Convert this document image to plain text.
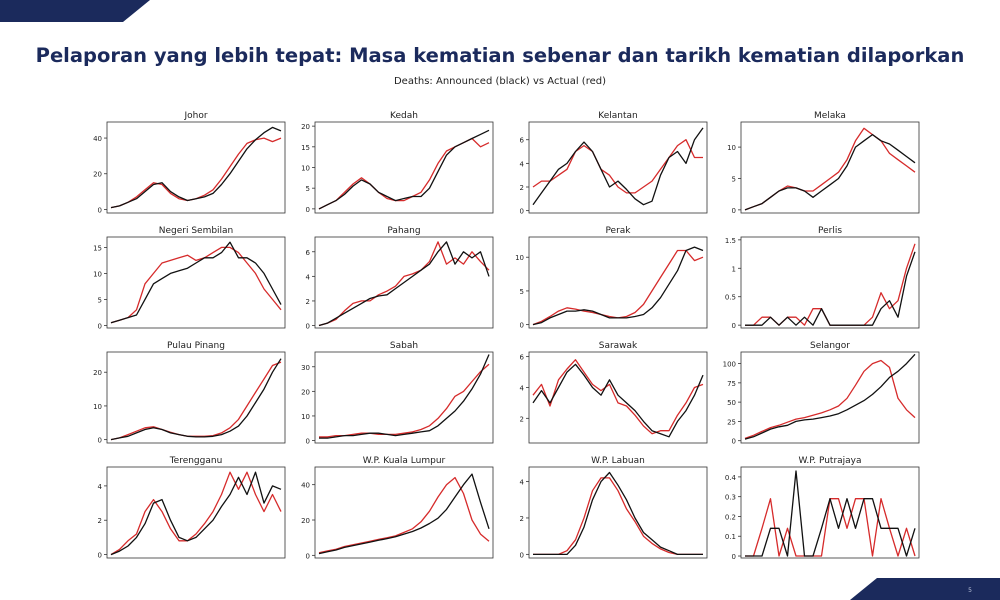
Pelaporan yang lebih tepat: Masa kematian sebenar dan tarikh kematian dilaporkan
Deaths: Announced (black) vs Actual (red)
Johor
0
20
40
Kedah
0
5
10
15
20
Kelantan
0
2
4
6
Melaka
0
5
10
Negeri Sembilan
0
5
10
15
Pahang
0
2
4
6
Perak
0
5
10
Perlis
0
0.5
1
1.5
Pulau Pinang
0
10
20
Sabah
0
10
20
30
Sarawak
2
4
6
Selangor
0
25
50
75
100
Terengganu
0
2
4
W.P. Kuala Lumpur
0
20
40
W.P. Labuan
0
2
4
W.P. Putrajaya
0
0.1
0.2
0.3
0.4
5
